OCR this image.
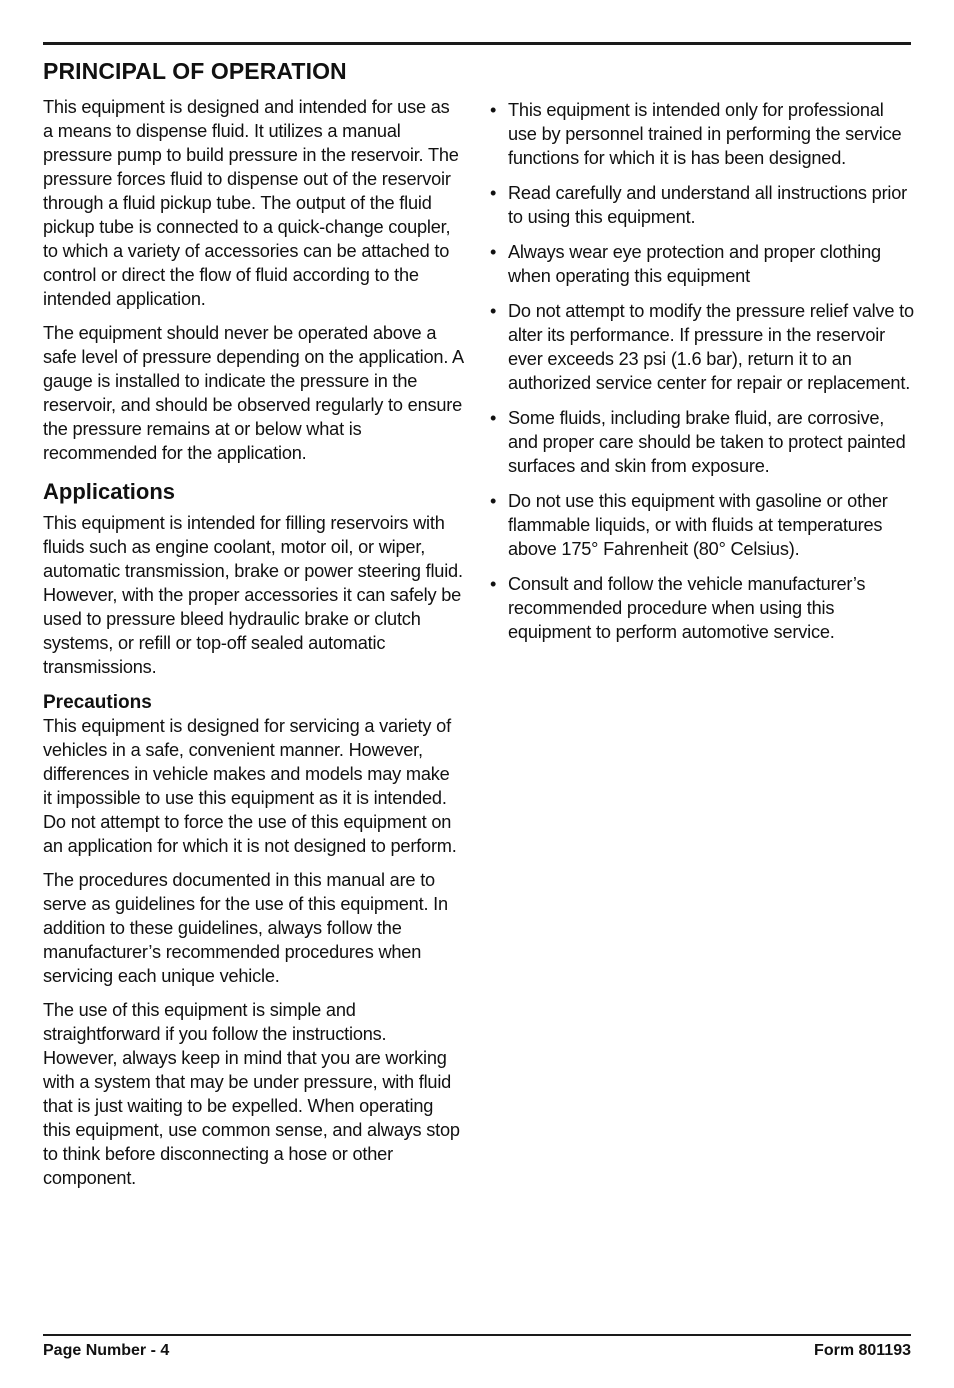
PRINCIPAL OF OPERATION

This equipment is designed and intended for use as a means to dispense fluid. It utilizes a manual pressure pump to build pressure in the reservoir. The pressure forces fluid to dispense out of the reservoir through a fluid pickup tube. The output of the fluid pickup tube is connected to a quick-change coupler, to which a variety of accessories can be attached to control or direct the flow of fluid according to the intended application.

The equipment should never be operated above a safe level of pressure depending on the application. A gauge is installed to indicate the pressure in the reservoir, and should be observed regularly to ensure the pressure remains at or below what is recommended for the application.

Applications

This equipment is intended for filling reservoirs with fluids such as engine coolant, motor oil, or wiper, automatic transmission, brake or power steering fluid. However, with the proper accessories it can safely be used to pressure bleed hydraulic brake or clutch systems, or refill or top-off sealed automatic transmissions.

Precautions

This equipment is designed for servicing a variety of vehicles in a safe, convenient manner. However, differences in vehicle makes and models may make it impossible to use this equipment as it is intended. Do not attempt to force the use of this equipment on an application for which it is not designed to perform.

The procedures documented in this manual are to serve as guidelines for the use of this equipment. In addition to these guidelines, always follow the manufacturer’s recommended procedures when servicing each unique vehicle.

The use of this equipment is simple and straightforward if you follow the instructions. However, always keep in mind that you are working with a system that may be under pressure, with fluid that is just waiting to be expelled. When operating this equipment, use common sense, and always stop to think before disconnecting a hose or other component.

• This equipment is intended only for professional use by personnel trained in performing the service functions for which it is has been designed.
• Read carefully and understand all instructions prior to using this equipment.
• Always wear eye protection and proper clothing when operating this equipment
• Do not attempt to modify the pressure relief valve to alter its performance. If pressure in the reservoir ever exceeds 23 psi (1.6 bar), return it to an authorized service center for repair or replacement.
• Some fluids, including brake fluid, are corrosive, and proper care should be taken to protect painted surfaces and skin from exposure.
• Do not use this equipment with gasoline or other flammable liquids, or with fluids at temperatures above 175° Fahrenheit (80° Celsius).
• Consult and follow the vehicle manufacturer’s recommended procedure when using this equipment to perform automotive service.
Page Number - 4	Form 801193
